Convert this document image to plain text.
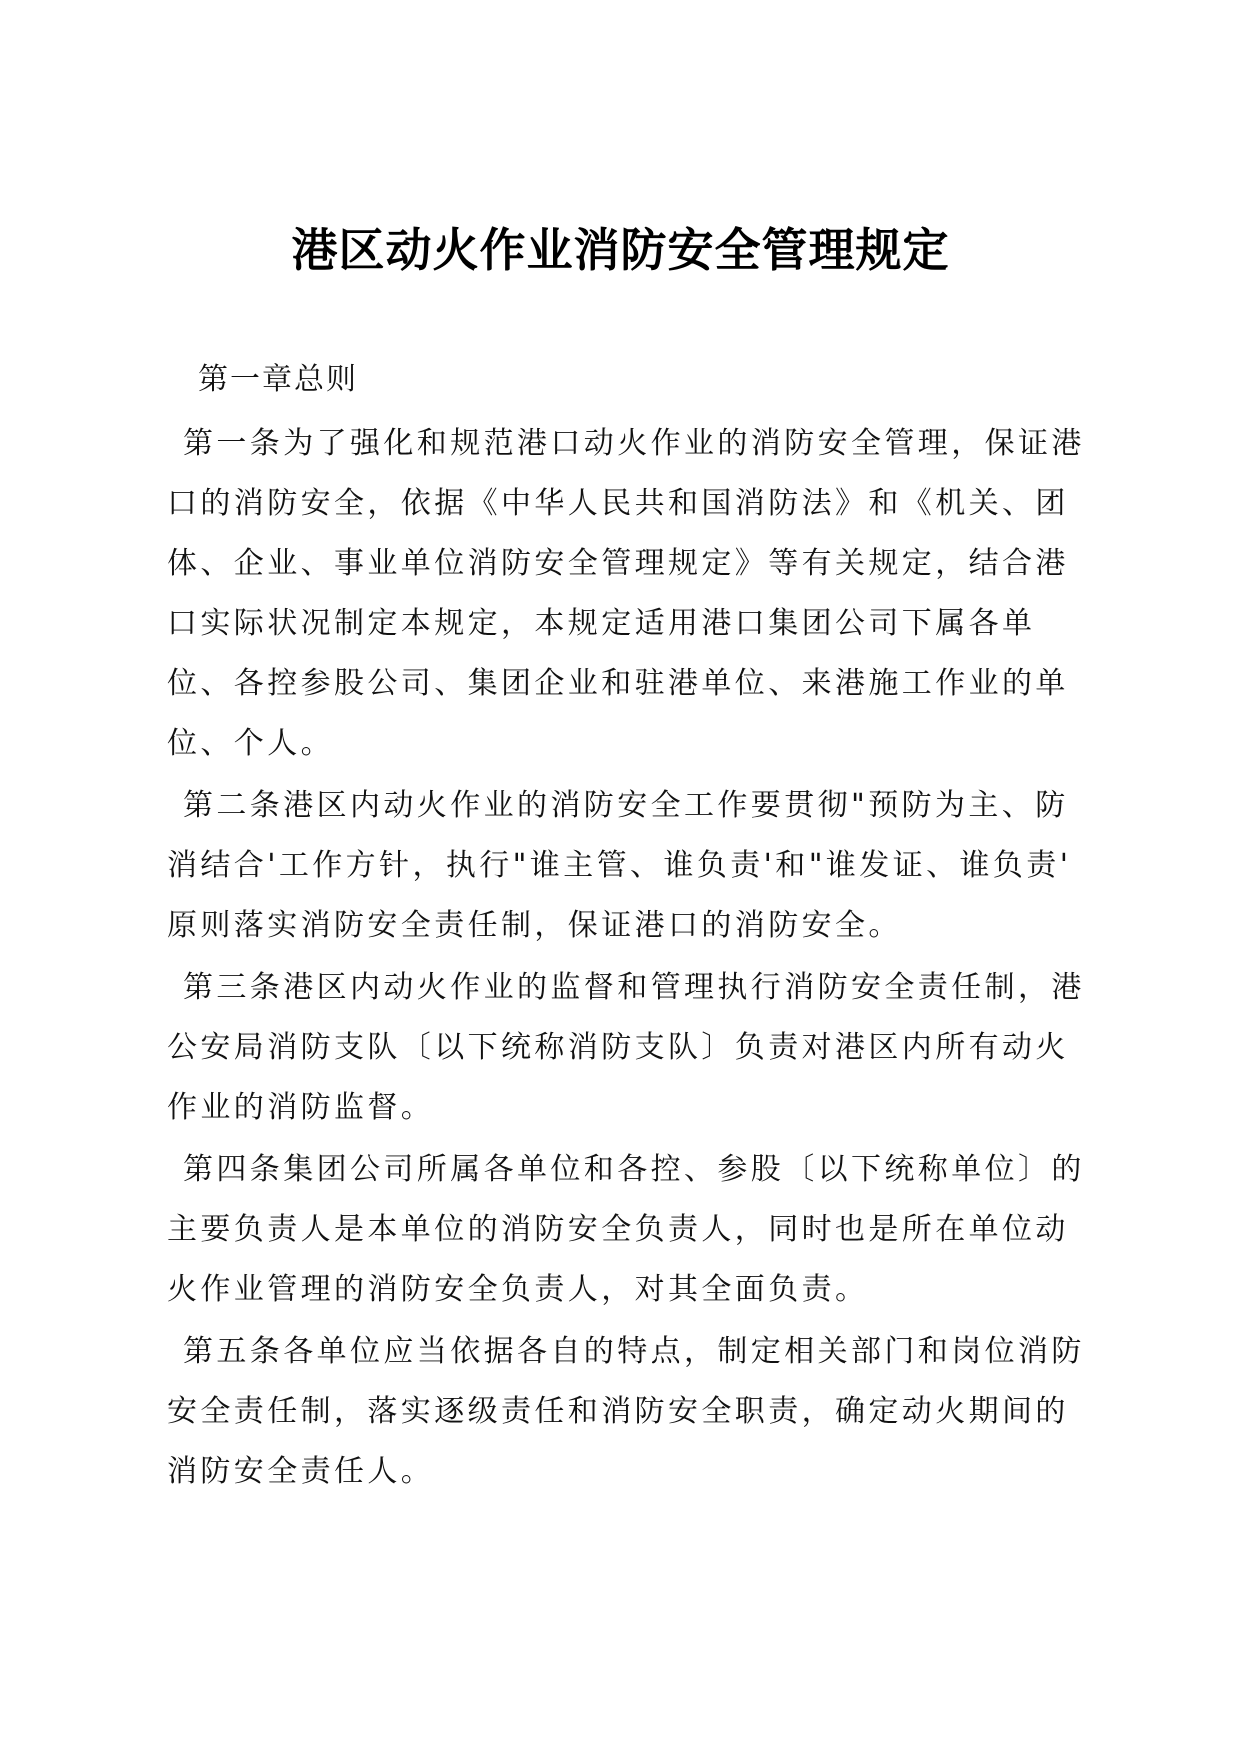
港区动火作业消防安全管理规定

第一章总则

第一条为了强化和规范港口动火作业的消防安全管理，保证港口的消防安全，依据《中华人民共和国消防法》和《机关、团体、企业、事业单位消防安全管理规定》等有关规定，结合港口实际状况制定本规定，本规定适用港口集团公司下属各单位、各控参股公司、集团企业和驻港单位、来港施工作业的单位、个人。

第二条港区内动火作业的消防安全工作要贯彻"预防为主、防消结合'工作方针，执行"谁主管、谁负责'和"谁发证、谁负责' 原则落实消防安全责任制，保证港口的消防安全。

第三条港区内动火作业的监督和管理执行消防安全责任制，港公安局消防支队〔以下统称消防支队〕负责对港区内所有动火作业的消防监督。

第四条集团公司所属各单位和各控、参股〔以下统称单位〕的主要负责人是本单位的消防安全负责人，同时也是所在单位动火作业管理的消防安全负责人，对其全面负责。

第五条各单位应当依据各自的特点，制定相关部门和岗位消防安全责任制，落实逐级责任和消防安全职责，确定动火期间的消防安全责任人。
